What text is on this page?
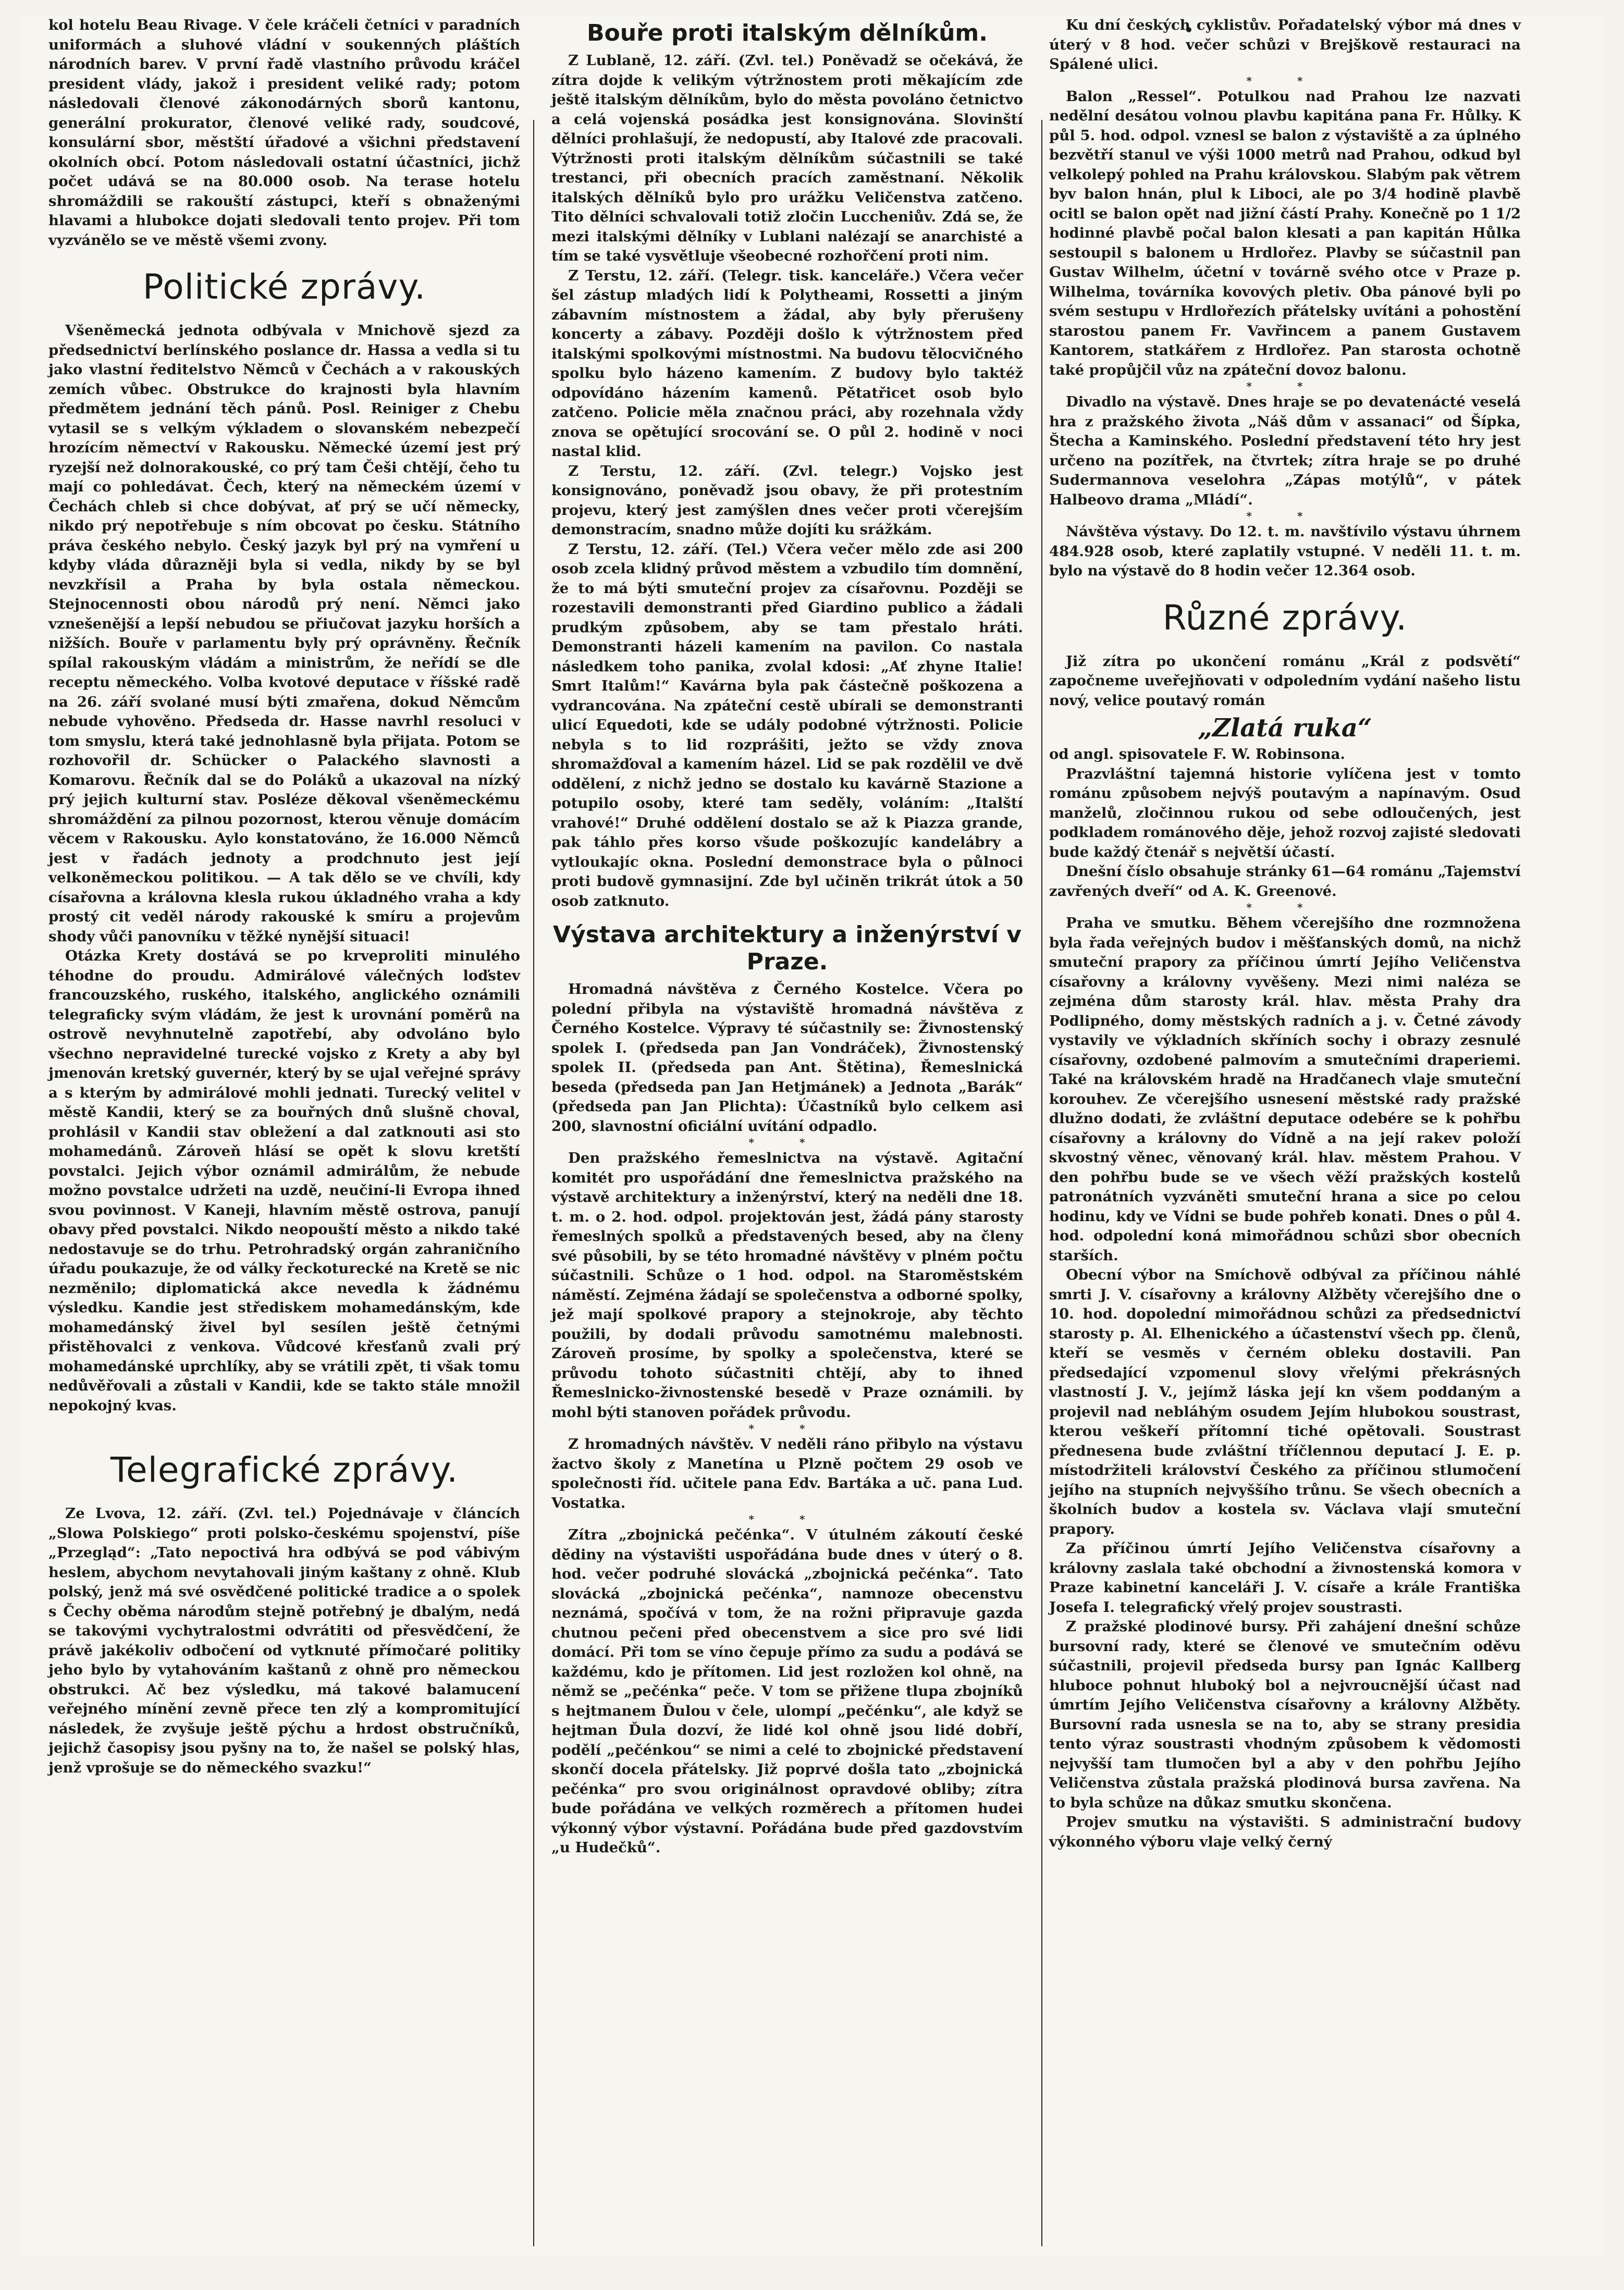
kol hotelu Beau Rivage. V čele kráčeli četníci v paradních uniformách a sluhové vládní v soukenných pláštích národních barev. V první řadě vlastního průvodu kráčel president vlády, jakož i president veliké rady; potom následovali členové zákonodárných sborů kantonu, generální prokurator, členové veliké rady, soudcové, konsulární sbor, městští úřadové a všichni představení okolních obcí. Potom následovali ostatní účastníci, jichž počet udává se na 80.000 osob. Na terase hotelu shromáždili se rakouští zástupci, kteří s obnaženými hlavami a hlubokce dojati sledovali tento projev. Při tom vyzvánělo se ve městě všemi zvony.

Politické zprávy.

Všeněmecká jednota odbývala v Mnichově sjezd za předsednictví berlínského poslance dr. Hassa a vedla si tu jako vlastní ředitelstvo Němců v Čechách a v rakouských zemích vůbec. Obstrukce do krajnosti byla hlavním předmětem jednání těch pánů. Posl. Reiniger z Chebu vytasil se s velkým výkladem o slovanském nebezpečí hrozícím němectví v Rakousku. Německé území jest prý ryzejší než dolnorakouské, co prý tam Češi chtějí, čeho tu mají co pohledávat. Čech, který na německém území v Čechách chleb si chce dobývat, ať prý se učí německy, nikdo prý nepotřebuje s ním obcovat po česku. Státního práva českého nebylo. Český jazyk byl prý na vymření u kdyby vláda důrazněji byla si vedla, nikdy by se byl nevzkřísil a Praha by byla ostala německou. Stejnocennosti obou národů prý není. Němci jako vznešenější a lepší nebudou se přiučovat jazyku horších a nižších. Bouře v parlamentu byly prý oprávněny. Řečník spílal rakouským vládám a ministrům, že neřídí se dle receptu německého. Volba kvotové deputace v říšské radě na 26. září svolané musí býti zmařena, dokud Němcům nebude vyhověno. Předseda dr. Hasse navrhl resoluci v tom smyslu, která také jednohlasně byla přijata. Potom se rozhovořil dr. Schücker o Palackého slavnosti a Komarovu. Řečník dal se do Poláků a ukazoval na nízký prý jejich kulturní stav. Posléze děkoval všeněmeckému shromáždění za pilnou pozornost, kterou věnuje domácím věcem v Rakousku. Aylo konstatováno, že 16.000 Němců jest v řadách jednoty a prodchnuto jest její velkoněmeckou politikou. — A tak dělo se ve chvíli, kdy císařovna a královna klesla rukou úkladného vraha a kdy prostý cit veděl národy rakouské k smíru a projevům shody vůči panovníku v těžké nynější situaci!

Otázka Krety dostává se po krveproliti minulého téhodne do proudu. Admirálové válečných loďstev francouzského, ruského, italského, anglického oznámili telegraficky svým vládám, že jest k urovnání poměrů na ostrově nevyhnutelně zapotřebí, aby odvoláno bylo všechno nepravidelné turecké vojsko z Krety a aby byl jmenován kretský guvernér, který by se ujal veřejné správy a s kterým by admirálové mohli jednati. Turecký velitel v městě Kandii, který se za bouřných dnů slušně choval, prohlásil v Kandii stav obležení a dal zatknouti asi sto mohamedánů. Zároveň hlásí se opět k slovu kretští povstalci. Jejich výbor oznámil admirálům, že nebude možno povstalce udržeti na uzdě, neučiní-li Evropa ihned svou povinnost. V Kaneji, hlavním městě ostrova, panují obavy před povstalci. Nikdo neopouští město a nikdo také nedostavuje se do trhu. Petrohradský orgán zahraničního úřadu poukazuje, že od války řeckoturecké na Kretě se nic nezměnilo; diplomatická akce nevedla k žádnému výsledku. Kandie jest střediskem mohamedánským, kde mohamedánský živel byl sesílen ještě četnými přistěhovalci z venkova. Vůdcové křesťanů zvali prý mohamedánské uprchlíky, aby se vrátili zpět, ti však tomu nedůvěřovali a zůstali v Kandii, kde se takto stále množil nepokojný kvas.

Telegrafické zprávy.

Ze Lvova, 12. září. (Zvl. tel.) Pojednávaje v článcích „Slowa Polskiego“ proti polsko-českému spojenství, píše „Przegląd“: „Tato nepoctivá hra odbývá se pod vábivým heslem, abychom nevytahovali jiným kaštany z ohně. Klub polský, jenž má své osvědčené politické tradice a o spolek s Čechy oběma národům stejně potřebný je dbalým, nedá se takovými vychytralostmi odvrátiti od přesvědčení, že právě jakékoliv odbočení od vytknuté přímočaré politiky jeho bylo by vytahováním kaštanů z ohně pro německou obstrukci. Ač bez výsledku, má takové balamucení veřejného mínění zevně přece ten zlý a kompromitující následek, že zvyšuje ještě pýchu a hrdost obstručníků, jejichž časopisy jsou pyšny na to, že našel se polský hlas, jenž vprošuje se do německého svazku!“

Bouře proti italským dělníkům.

Z Lublaně, 12. září. (Zvl. tel.) Poněvadž se očekává, že zítra dojde k velikým výtržnostem proti měkajícím zde ještě italským dělníkům, bylo do města povoláno četnictvo a celá vojenská posádka jest konsignována. Slovinští dělníci prohlašují, že nedopustí, aby Italové zde pracovali. Výtržnosti proti italským dělníkům súčastnili se také trestanci, při obecních pracích zaměstnaní. Několik italských dělníků bylo pro urážku Veličenstva zatčeno. Tito dělníci schvalovali totiž zločin Luccheniův. Zdá se, že mezi italskými dělníky v Lublani nalézají se anarchisté a tím se také vysvětluje všeobecné rozhořčení proti nim.

Z Terstu, 12. září. (Telegr. tisk. kanceláře.) Včera večer šel zástup mladých lidí k Polytheami, Rossetti a jiným zábavním místnostem a žádal, aby byly přerušeny koncerty a zábavy. Později došlo k výtržnostem před italskými spolkovými místnostmi. Na budovu tělocvičného spolku bylo házeno kamením. Z budovy bylo taktéž odpovídáno házením kamenů. Pětatřicet osob bylo zatčeno. Policie měla značnou práci, aby rozehnala vždy znova se opětující srocování se. O půl 2. hodině v noci nastal klid.

Z Terstu, 12. září. (Zvl. telegr.) Vojsko jest konsignováno, poněvadž jsou obavy, že při protestním projevu, který jest zamýšlen dnes večer proti včerejším demonstracím, snadno může dojíti ku srážkám.

Z Terstu, 12. září. (Tel.) Včera večer mělo zde asi 200 osob zcela klidný průvod městem a vzbudilo tím domnění, že to má býti smuteční projev za císařovnu. Později se rozestavili demonstranti před Giardino publico a žádali prudkým způsobem, aby se tam přestalo hráti. Demonstranti házeli kamením na pavilon. Co nastala následkem toho panika, zvolal kdosi: „Ať zhyne Italie! Smrt Italům!“ Kavárna byla pak částečně poškozena a vydrancována. Na zpáteční cestě ubírali se demonstranti ulicí Equedoti, kde se udály podobné výtržnosti. Policie nebyla s to lid rozprášiti, ježto se vždy znova shromažďoval a kamením házel. Lid se pak rozdělil ve dvě oddělení, z nichž jedno se dostalo ku kavárně Stazione a potupilo osoby, které tam seděly, voláním: „Italští vrahové!“ Druhé oddělení dostalo se až k Piazza grande, pak táhlo přes korso všude poškozujíc kandelábry a vytloukajíc okna. Poslední demonstrace byla o půlnoci proti budově gymnasijní. Zde byl učiněn trikrát útok a 50 osob zatknuto.

Výstava architektury a inženýrství v Praze.

Hromadná návštěva z Černého Kostelce. Včera po polední přibyla na výstaviště hromadná návštěva z Černého Kostelce. Výpravy té súčastnily se: Živnostenský spolek I. (předseda pan Jan Vondráček), Živnostenský spolek II. (předseda pan Ant. Štětina), Řemeslnická beseda (předseda pan Jan Hetjmánek) a Jednota „Barák“ (předseda pan Jan Plichta): Účastníků bylo celkem asi 200, slavnostní oficiální uvítání odpadlo.

* *

Den pražského řemeslnictva na výstavě. Agitační komitét pro uspořádání dne řemeslnictva pražského na výstavě architektury a inženýrství, který na neděli dne 18. t. m. o 2. hod. odpol. projektován jest, žádá pány starosty řemeslných spolků a představených besed, aby na členy své působili, by se této hromadné návštěvy v plném počtu súčastnili. Schůze o 1 hod. odpol. na Staroměstském náměstí. Zejména žádají se společenstva a odborné spolky, jež mají spolkové prapory a stejnokroje, aby těchto použili, by dodali průvodu samotnému malebnosti. Zároveň prosíme, by spolky a společenstva, které se průvodu tohoto súčastniti chtějí, aby to ihned Řemeslnicko-živnostenské besedě v Praze oznámili. by mohl býti stanoven pořádek průvodu.

* *

Z hromadných návštěv. V neděli ráno přibylo na výstavu žactvo školy z Manetína u Plzně počtem 29 osob ve společnosti říd. učitele pana Edv. Bartáka a uč. pana Lud. Vostatka.

* *

Zítra „zbojnická pečénka“. V útulném zákoutí české dědiny na výstavišti uspořádána bude dnes v úterý o 8. hod. večer podruhé slovácká „zbojnická pečénka“. Tato slovácká „zbojnická pečénka“, namnoze obecenstvu neznámá, spočívá v tom, že na rožni připravuje gazda chutnou pečeni před obecenstvem a sice pro své lidi domácí. Při tom se víno čepuje přímo za sudu a podává se každému, kdo je přítomen. Lid jest rozložen kol ohně, na němž se „pečénka“ peče. V tom se přižene tlupa zbojníků s hejtmanem Ďulou v čele, ulompí „pečénku“, ale když se hejtman Ďula dozví, že lidé kol ohně jsou lidé dobří, podělí „pečénkou“ se nimi a celé to zbojnické představení skončí docela přátelsky. Již poprvé došla tato „zbojnická pečénka“ pro svou originálnost opravdové obliby; zítra bude pořádána ve velkých rozměrech a přítomen hudei výkonný výbor výstavní. Pořádána bude před gazdovstvím „u Hudečků“.

Ku dní českých cyklistův. Pořadatelský výbor má dnes v úterý v 8 hod. večer schůzi v Brejškově restauraci na Spálené ulici.

* *

Balon „Ressel“. Potulkou nad Prahou lze nazvati nedělní desátou volnou plavbu kapitána pana Fr. Hůlky. K půl 5. hod. odpol. vznesl se balon z výstaviště a za úplného bezvětří stanul ve výši 1000 metrů nad Prahou, odkud byl velkolepý pohled na Prahu královskou. Slabým pak větrem byv balon hnán, plul k Liboci, ale po 3/4 hodině plavbě ocitl se balon opět nad jižní částí Prahy. Konečně po 1 1/2 hodinné plavbě počal balon klesati a pan kapitán Hůlka sestoupil s balonem u Hrdlořez. Plavby se súčastnil pan Gustav Wilhelm, účetní v továrně svého otce v Praze p. Wilhelma, továrníka kovových pletiv. Oba pánové byli po svém sestupu v Hrdlořezích přátelsky uvítáni a pohostění starostou panem Fr. Vavřincem a panem Gustavem Kantorem, statkářem z Hrdlořez. Pan starosta ochotně také propůjčil vůz na zpáteční dovoz balonu.

* *

Divadlo na výstavě. Dnes hraje se po devatenácté veselá hra z pražského života „Náš dům v assanaci“ od Šípka, Štecha a Kaminského. Poslední představení této hry jest určeno na pozítřek, na čtvrtek; zítra hraje se po druhé Sudermannova veselohra „Zápas motýlů“, v pátek Halbeovo drama „Mládí“.

* *

Návštěva výstavy. Do 12. t. m. navštívilo výstavu úhrnem 484.928 osob, které zaplatily vstupné. V neděli 11. t. m. bylo na výstavě do 8 hodin večer 12.364 osob.

Různé zprávy.

Již zítra po ukončení románu „Král z podsvětí“ započneme uveřejňovati v odpoledním vydání našeho listu nový, velice poutavý román

„Zlatá ruka“

od angl. spisovatele F. W. Robinsona.

Prazvláštní tajemná historie vylíčena jest v tomto románu způsobem nejvýš poutavým a napínavým. Osud manželů, zločinnou rukou od sebe odloučených, jest podkladem románového děje, jehož rozvoj zajisté sledovati bude každý čtenář s největší účastí.

Dnešní číslo obsahuje stránky 61—64 románu „Tajemství zavřených dveří“ od A. K. Greenové.

* *

Praha ve smutku. Během včerejšího dne rozmnožena byla řada veřejných budov i měšťanských domů, na nichž smuteční prapory za příčinou úmrtí Jejího Veličenstva císařovny a královny vyvěšeny. Mezi nimi naléza se zejména dům starosty král. hlav. města Prahy dra Podlipného, domy městských radních a j. v. Četné závody vystavily ve výkladních skříních sochy i obrazy zesnulé císařovny, ozdobené palmovím a smutečními draperiemi. Také na královském hradě na Hradčanech vlaje smuteční korouhev. Ze včerejšího usnesení městské rady pražské dlužno dodati, že zvláštní deputace odebére se k pohřbu císařovny a královny do Vídně a na její rakev položí skvostný věnec, věnovaný král. hlav. městem Prahou. V den pohřbu bude se ve všech věží pražských kostelů patronátních vyzváněti smuteční hrana a sice po celou hodinu, kdy ve Vídni se bude pohřeb konati. Dnes o půl 4. hod. odpolední koná mimořádnou schůzi sbor obecních starších.

Obecní výbor na Smíchově odbýval za příčinou náhlé smrti J. V. císařovny a královny Alžběty včerejšího dne o 10. hod. dopolední mimořádnou schůzi za předsednictví starosty p. Al. Elhenického a účastenství všech pp. členů, kteří se vesměs v černém obleku dostavili. Pan předsedající vzpomenul slovy vřelými překrásných vlastností J. V., jejímž láska její kn všem poddaným a projevil nad nebláhým osudem Jejím hlubokou soustrast, kterou veškeří přítomní tiché opětovali. Soustrast přednesena bude zvláštní tříčlennou deputací J. E. p. místodržiteli království Českého za příčinou stlumočení jejího na stupních nejvyššího trůnu. Se všech obecních a školních budov a kostela sv. Václava vlají smuteční prapory.

Za příčinou úmrtí Jejího Veličenstva císařovny a královny zaslala také obchodní a živnostenská komora v Praze kabinetní kanceláři J. V. císaře a krále Františka Josefa I. telegrafický vřelý projev soustrasti.

Z pražské plodinové bursy. Při zahájení dnešní schůze bursovní rady, které se členové ve smutečním oděvu súčastnili, projevil předseda bursy pan Ignác Kallberg hluboce pohnut hluboký bol a nejvroucnější účast nad úmrtím Jejího Veličenstva císařovny a královny Alžběty. Bursovní rada usnesla se na to, aby se strany presidia tento výraz soustrasti vhodným způsobem k vědomosti nejvyšší tam tlumočen byl a aby v den pohřbu Jejího Veličenstva zůstala pražská plodinová bursa zavřena. Na to byla schůze na důkaz smutku skončena.

Projev smutku na výstavišti. S administrační budovy výkonného výboru vlaje velký černý
